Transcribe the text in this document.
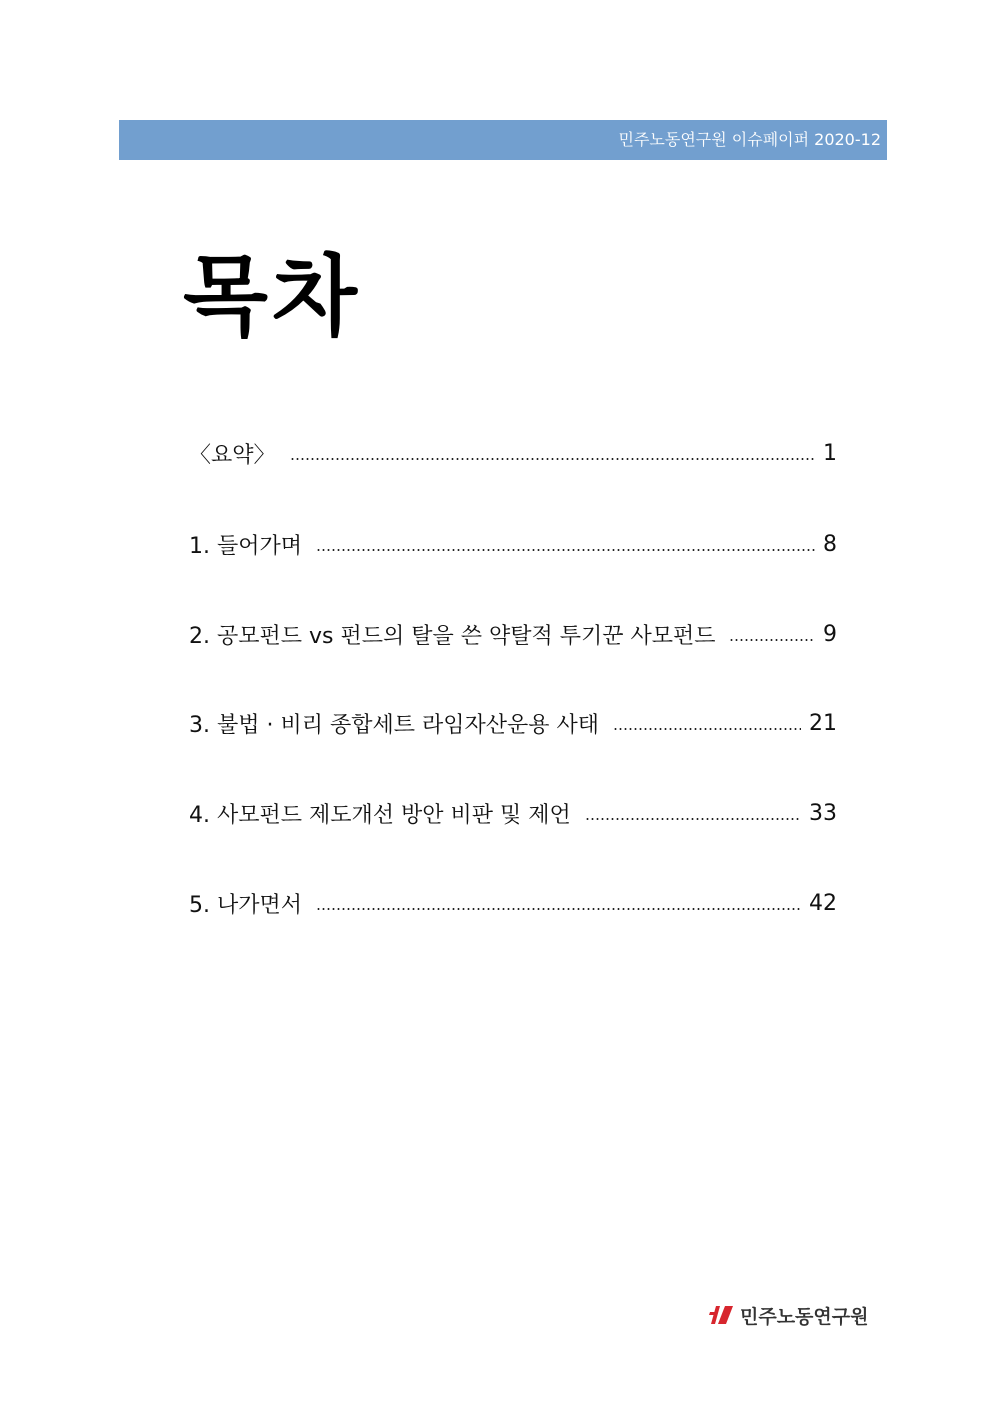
민주노동연구원 이슈페이퍼 2020-12
목차
〈요약〉	1
1. 들어가며	8
2. 공모펀드 vs 펀드의 탈을 쓴 약탈적 투기꾼 사모펀드	9
3. 불법 · 비리 종합세트 라임자산운용 사태	21
4. 사모펀드 제도개선 방안 비판 및 제언	33
5. 나가면서	42
민주노동연구원
